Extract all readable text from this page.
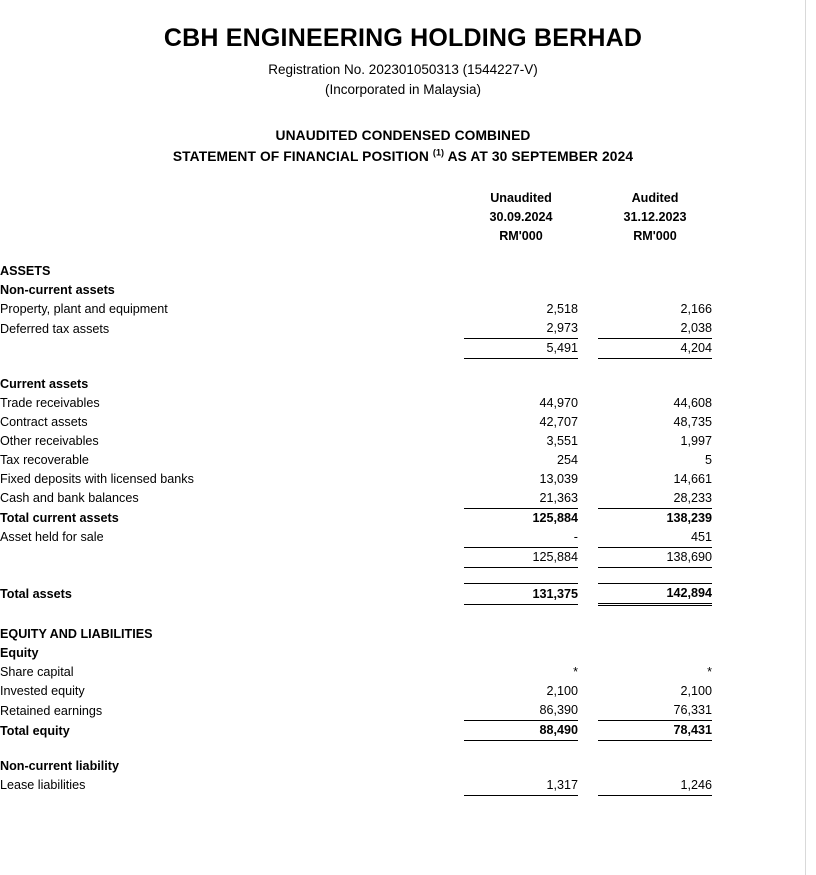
CBH ENGINEERING HOLDING BERHAD
Registration No. 202301050313 (1544227-V)
(Incorporated in Malaysia)
UNAUDITED CONDENSED COMBINED
STATEMENT OF FINANCIAL POSITION $^{(1)}$ AS AT 30 SEPTEMBER 2024
	Unaudited		Audited	
	30.09.2024		31.12.2023	
	RM'000		RM'000	

ASSETS				
Non-current assets				
Property, plant and equipment	2,518		2,166	
Deferred tax assets	2,973		2,038	
	5,491		4,204	

Current assets				
Trade receivables	44,970		44,608	
Contract assets	42,707		48,735	
Other receivables	3,551		1,997	
Tax recoverable	254		5	
Fixed deposits with licensed banks	13,039		14,661	
Cash and bank balances	21,363		28,233	
Total current assets	125,884		138,239	
Asset held for sale	-		451	
	125,884		138,690	

Total assets	131,375		142,894	

EQUITY AND LIABILITIES				
Equity				
Share capital	*		*	
Invested equity	2,100		2,100	
Retained earnings	86,390		76,331	
Total equity	88,490		78,431	

Non-current liability				
Lease liabilities	1,317		1,246	
